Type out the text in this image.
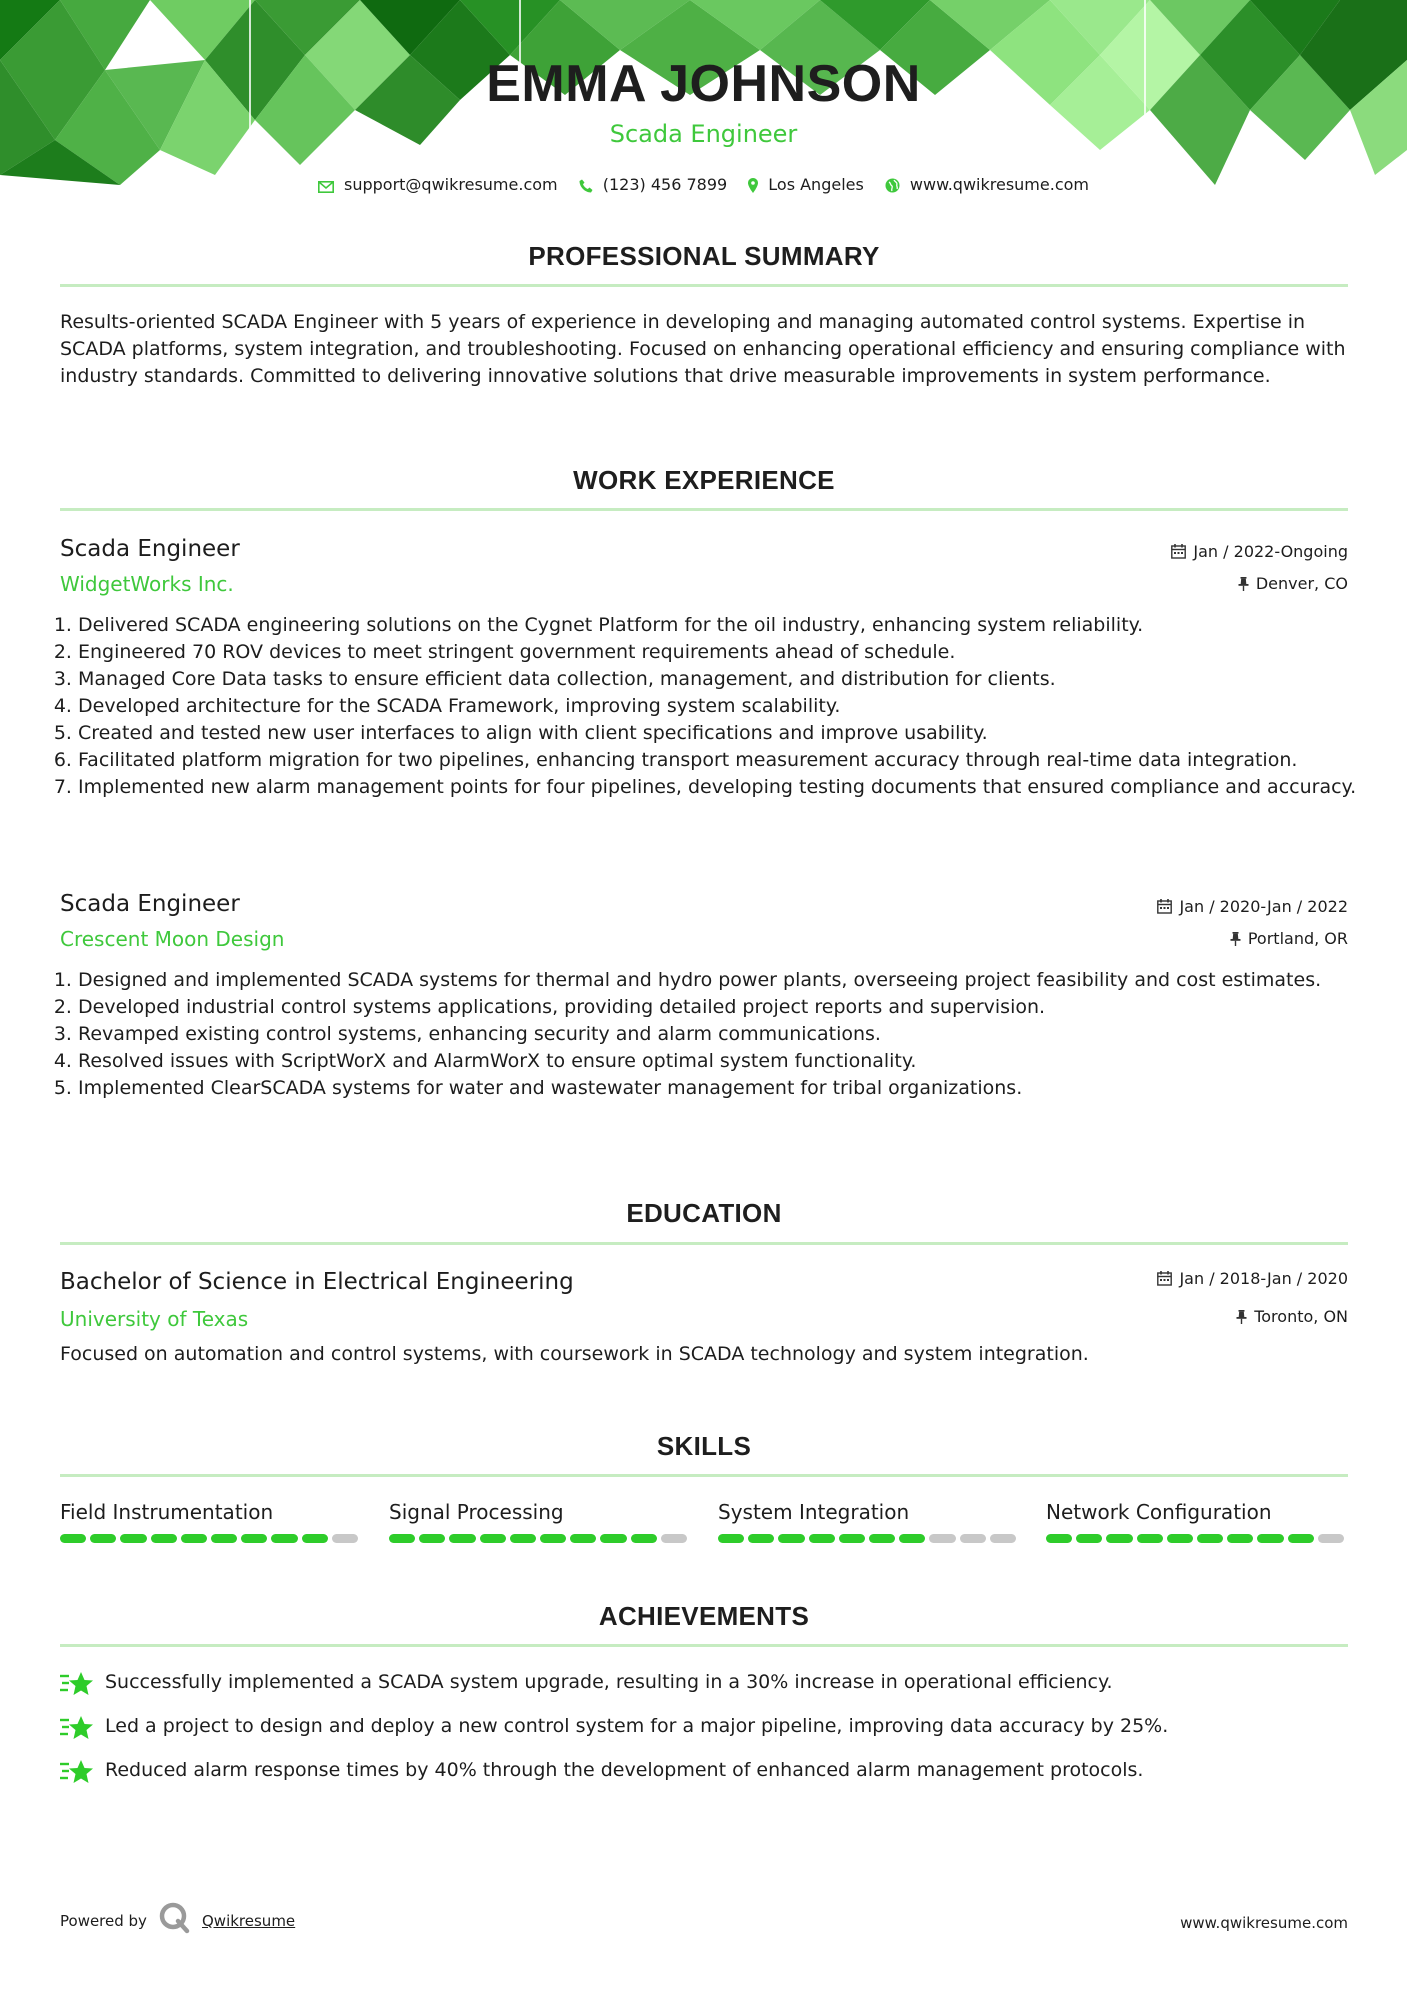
EMMA JOHNSON
Scada Engineer
support@qwikresume.com	(123) 456 7899	Los Angeles	www.qwikresume.com
PROFESSIONAL SUMMARY

Results-oriented SCADA Engineer with 5 years of experience in developing and managing automated control systems. Expertise in SCADA platforms, system integration, and troubleshooting. Focused on enhancing operational efficiency and ensuring compliance with industry standards. Committed to delivering innovative solutions that drive measurable improvements in system performance.

WORK EXPERIENCE
Scada Engineer	Jan / 2022-Ongoing
WidgetWorks Inc.	Denver, CO
1. Delivered SCADA engineering solutions on the Cygnet Platform for the oil industry, enhancing system reliability.
2. Engineered 70 ROV devices to meet stringent government requirements ahead of schedule.
3. Managed Core Data tasks to ensure efficient data collection, management, and distribution for clients.
4. Developed architecture for the SCADA Framework, improving system scalability.
5. Created and tested new user interfaces to align with client specifications and improve usability.
6. Facilitated platform migration for two pipelines, enhancing transport measurement accuracy through real-time data integration.
7. Implemented new alarm management points for four pipelines, developing testing documents that ensured compliance and accuracy.
Scada Engineer	Jan / 2020-Jan / 2022
Crescent Moon Design	Portland, OR
1. Designed and implemented SCADA systems for thermal and hydro power plants, overseeing project feasibility and cost estimates.
2. Developed industrial control systems applications, providing detailed project reports and supervision.
3. Revamped existing control systems, enhancing security and alarm communications.
4. Resolved issues with ScriptWorX and AlarmWorX to ensure optimal system functionality.
5. Implemented ClearSCADA systems for water and wastewater management for tribal organizations.
EDUCATION
Bachelor of Science in Electrical Engineering	Jan / 2018-Jan / 2020
University of Texas	Toronto, ON
Focused on automation and control systems, with coursework in SCADA technology and system integration.
SKILLS
Field Instrumentation	Signal Processing	System Integration	Network Configuration
ACHIEVEMENTS
Successfully implemented a SCADA system upgrade, resulting in a 30% increase in operational efficiency.
Led a project to design and deploy a new control system for a major pipeline, improving data accuracy by 25%.
Reduced alarm response times by 40% through the development of enhanced alarm management protocols.
Powered by	Qwikresume	www.qwikresume.com
